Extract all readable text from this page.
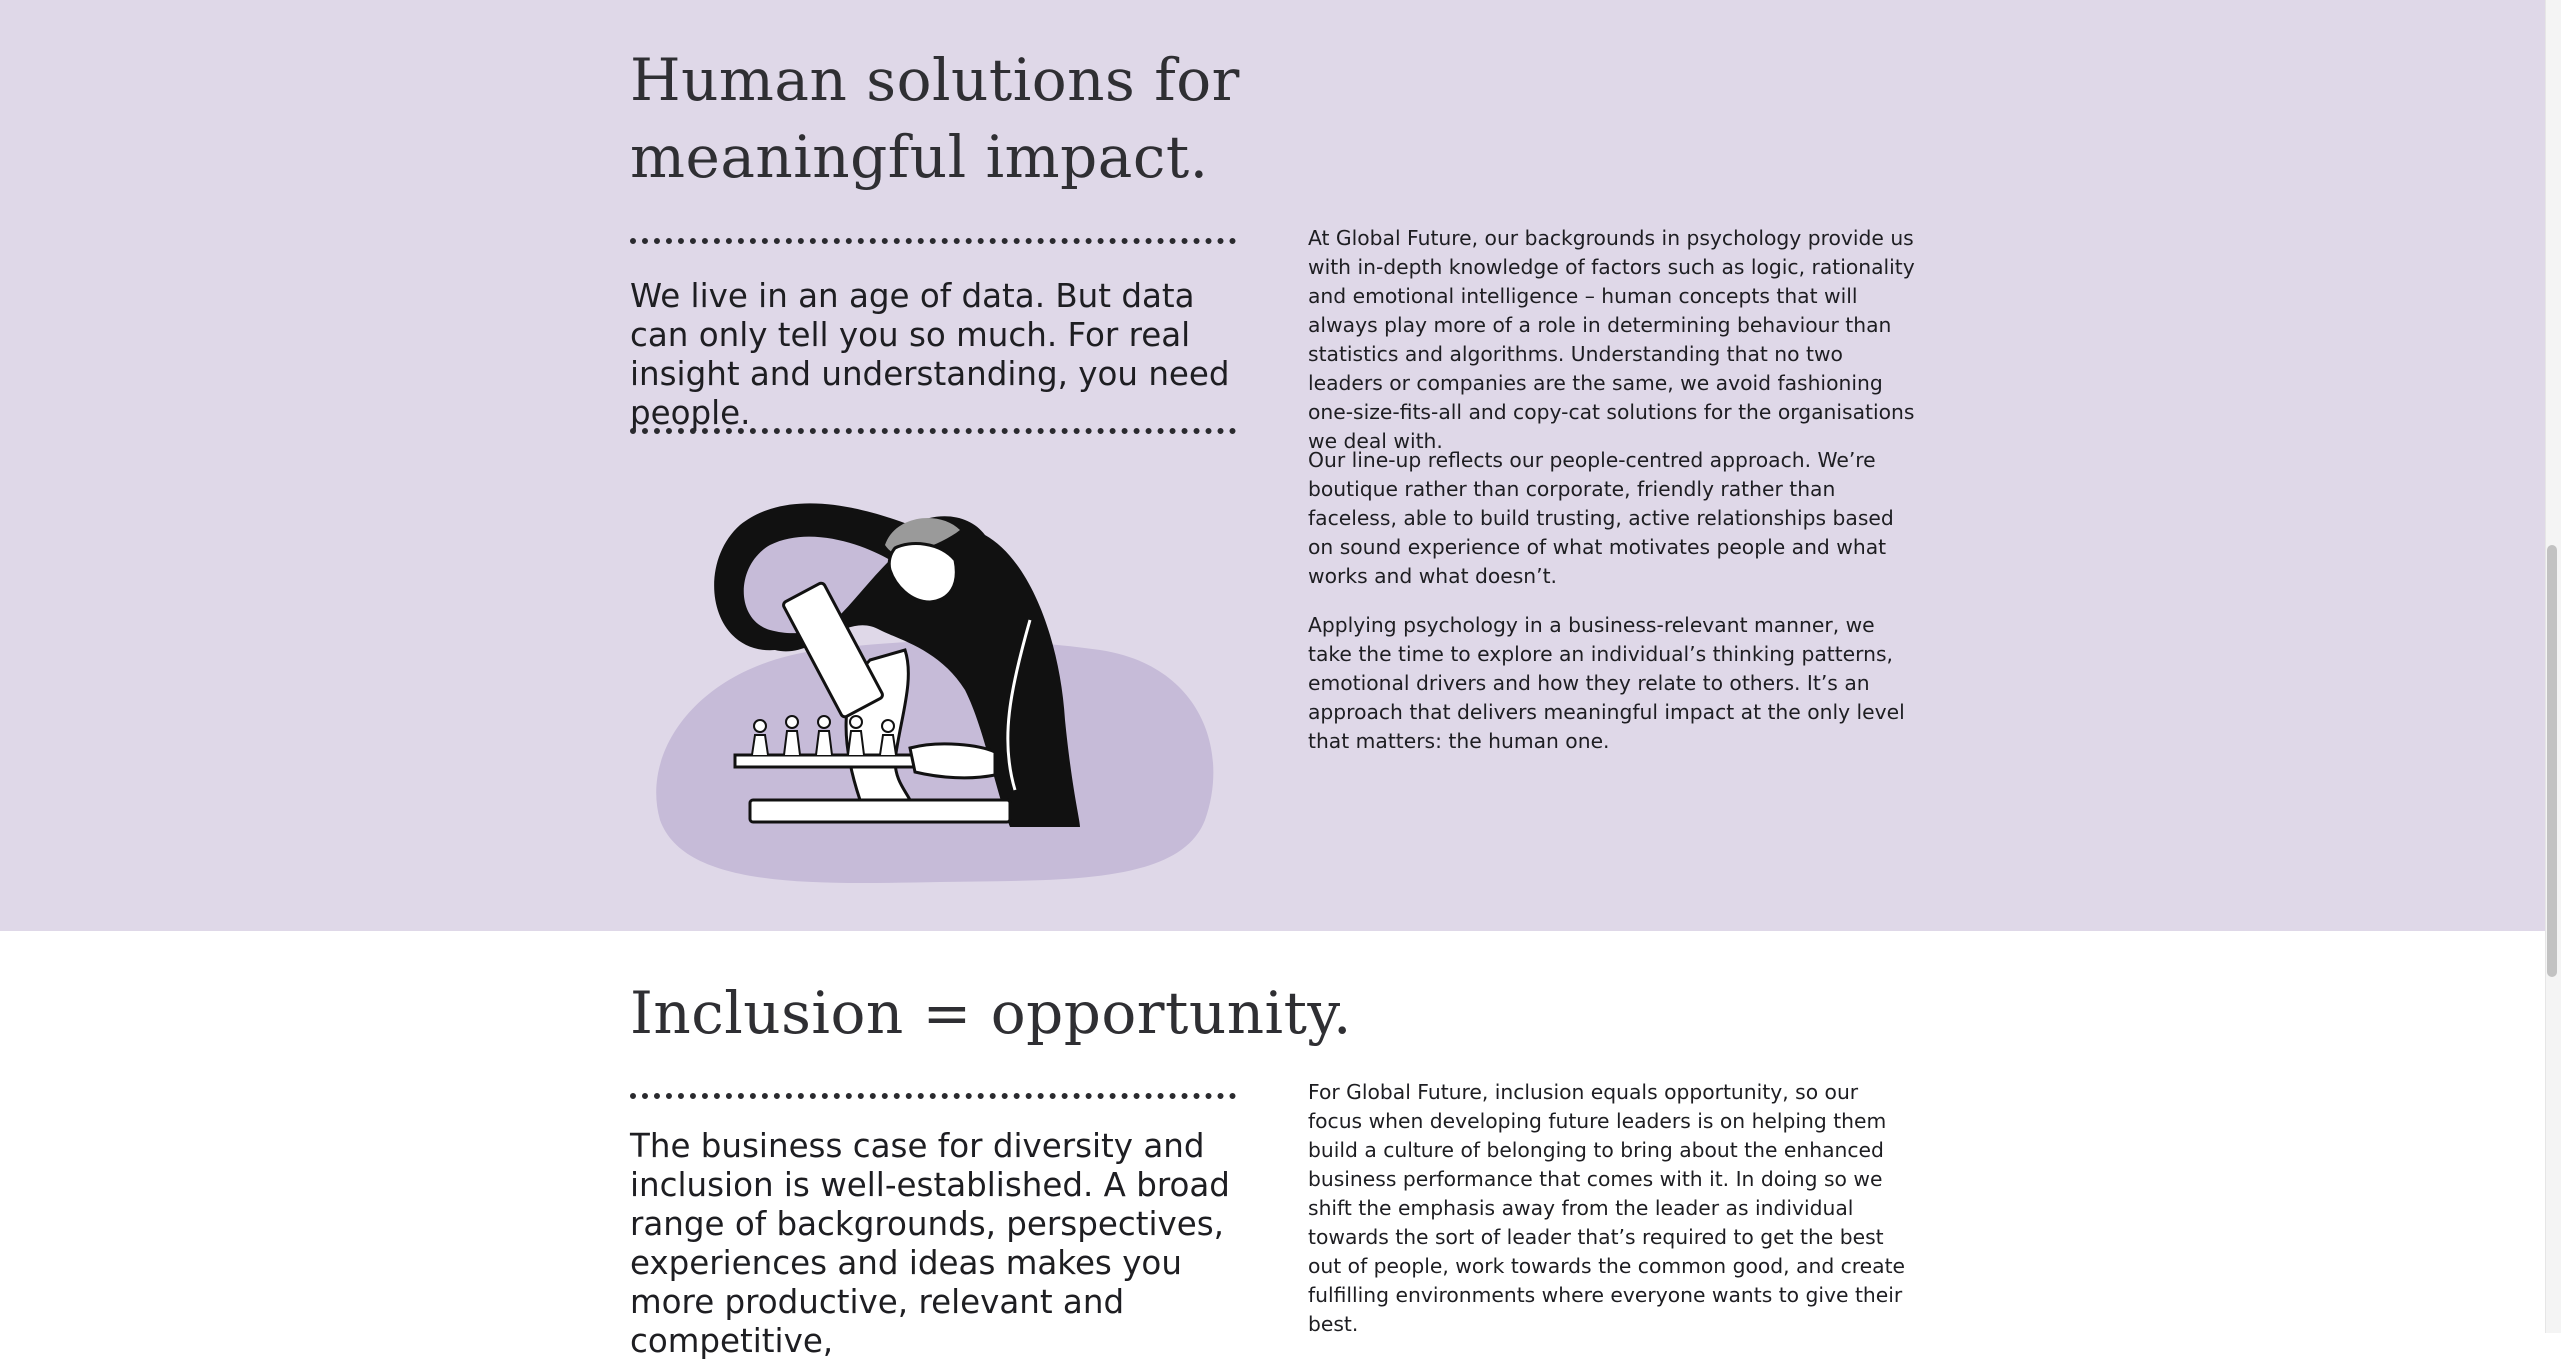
Human solutions for
meaningful impact.

We live in an age of data. But data can only tell you so much. For real insight and understanding, you need people.

At Global Future, our backgrounds in psychology provide us with in-depth knowledge of factors such as logic, rationality and emotional intelligence – human concepts that will always play more of a role in determining behaviour than statistics and algorithms. Understanding that no two leaders or companies are the same, we avoid fashioning one-size-fits-all and copy-cat solutions for the organisations we deal with.

Our line-up reflects our people-centred approach. We’re boutique rather than corporate, friendly rather than faceless, able to build trusting, active relationships based on sound experience of what motivates people and what works and what doesn’t.

Applying psychology in a business-relevant manner, we take the time to explore an individual’s thinking patterns, emotional drivers and how they relate to others. It’s an approach that delivers meaningful impact at the only level that matters: the human one.

Inclusion = opportunity.

The business case for diversity and inclusion is well-established. A broad range of backgrounds, perspectives, experiences and ideas makes you more productive, relevant and competitive,

For Global Future, inclusion equals opportunity, so our focus when developing future leaders is on helping them build a culture of belonging to bring about the enhanced business performance that comes with it. In doing so we shift the emphasis away from the leader as individual towards the sort of leader that’s required to get the best out of people, work towards the common good, and create fulfilling environments where everyone wants to give their best.
